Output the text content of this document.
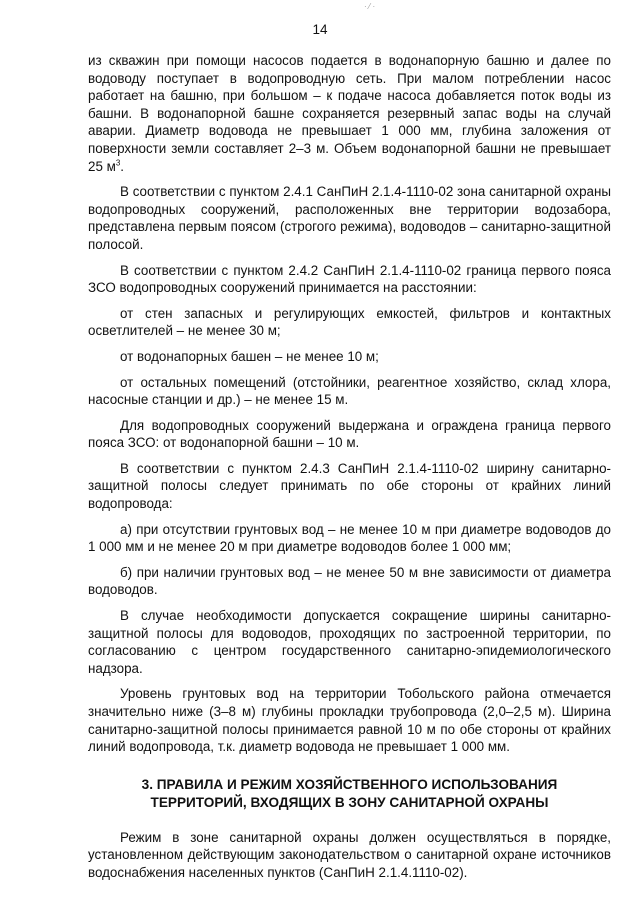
· ⁄ ·
14

из скважин при помощи насосов подается в водонапорную башню и далее по водоводу поступает в водопроводную сеть. При малом потреблении насос работает на башню, при большом – к подаче насоса добавляется поток воды из башни. В водонапорной башне сохраняется резервный запас воды на случай аварии. Диаметр водовода не превышает 1 000 мм, глубина заложения от поверхности земли составляет 2–3 м. Объем водонапорной башни не превышает 25 $м^3$.

В соответствии с пунктом 2.4.1 СанПиН 2.1.4-1110-02 зона санитарной охраны водопроводных сооружений, расположенных вне территории водозабора, представлена первым поясом (строгого режима), водоводов – санитарно-защитной полосой.

В соответствии с пунктом 2.4.2 СанПиН 2.1.4-1110-02 граница первого пояса ЗСО водопроводных сооружений принимается на расстоянии:

от стен запасных и регулирующих емкостей, фильтров и контактных осветлителей – не менее 30 м;

от водонапорных башен – не менее 10 м;

от остальных помещений (отстойники, реагентное хозяйство, склад хлора, насосные станции и др.) – не менее 15 м.

Для водопроводных сооружений выдержана и ограждена граница первого пояса ЗСО: от водонапорной башни – 10 м.

В соответствии с пунктом 2.4.3 СанПиН 2.1.4-1110-02 ширину санитарно-защитной полосы следует принимать по обе стороны от крайних линий водопровода:

а) при отсутствии грунтовых вод – не менее 10 м при диаметре водоводов до 1 000 мм и не менее 20 м при диаметре водоводов более 1 000 мм;

б) при наличии грунтовых вод – не менее 50 м вне зависимости от диаметра водоводов.

В случае необходимости допускается сокращение ширины санитарно-защитной полосы для водоводов, проходящих по застроенной территории, по согласованию с центром государственного санитарно-эпидемиологического надзора.

Уровень грунтовых вод на территории Тобольского района отмечается значительно ниже (3–8 м) глубины прокладки трубопровода (2,0–2,5 м). Ширина санитарно-защитной полосы принимается равной 10 м по обе стороны от крайних линий водопровода, т.к. диаметр водовода не превышает 1 000 мм.

3. ПРАВИЛА И РЕЖИМ ХОЗЯЙСТВЕННОГО ИСПОЛЬЗОВАНИЯ
ТЕРРИТОРИЙ, ВХОДЯЩИХ В ЗОНУ САНИТАРНОЙ ОХРАНЫ

Режим в зоне санитарной охраны должен осуществляться в порядке, установленном действующим законодательством о санитарной охране источников водоснабжения населенных пунктов (СанПиН 2.1.4.1110-02).
